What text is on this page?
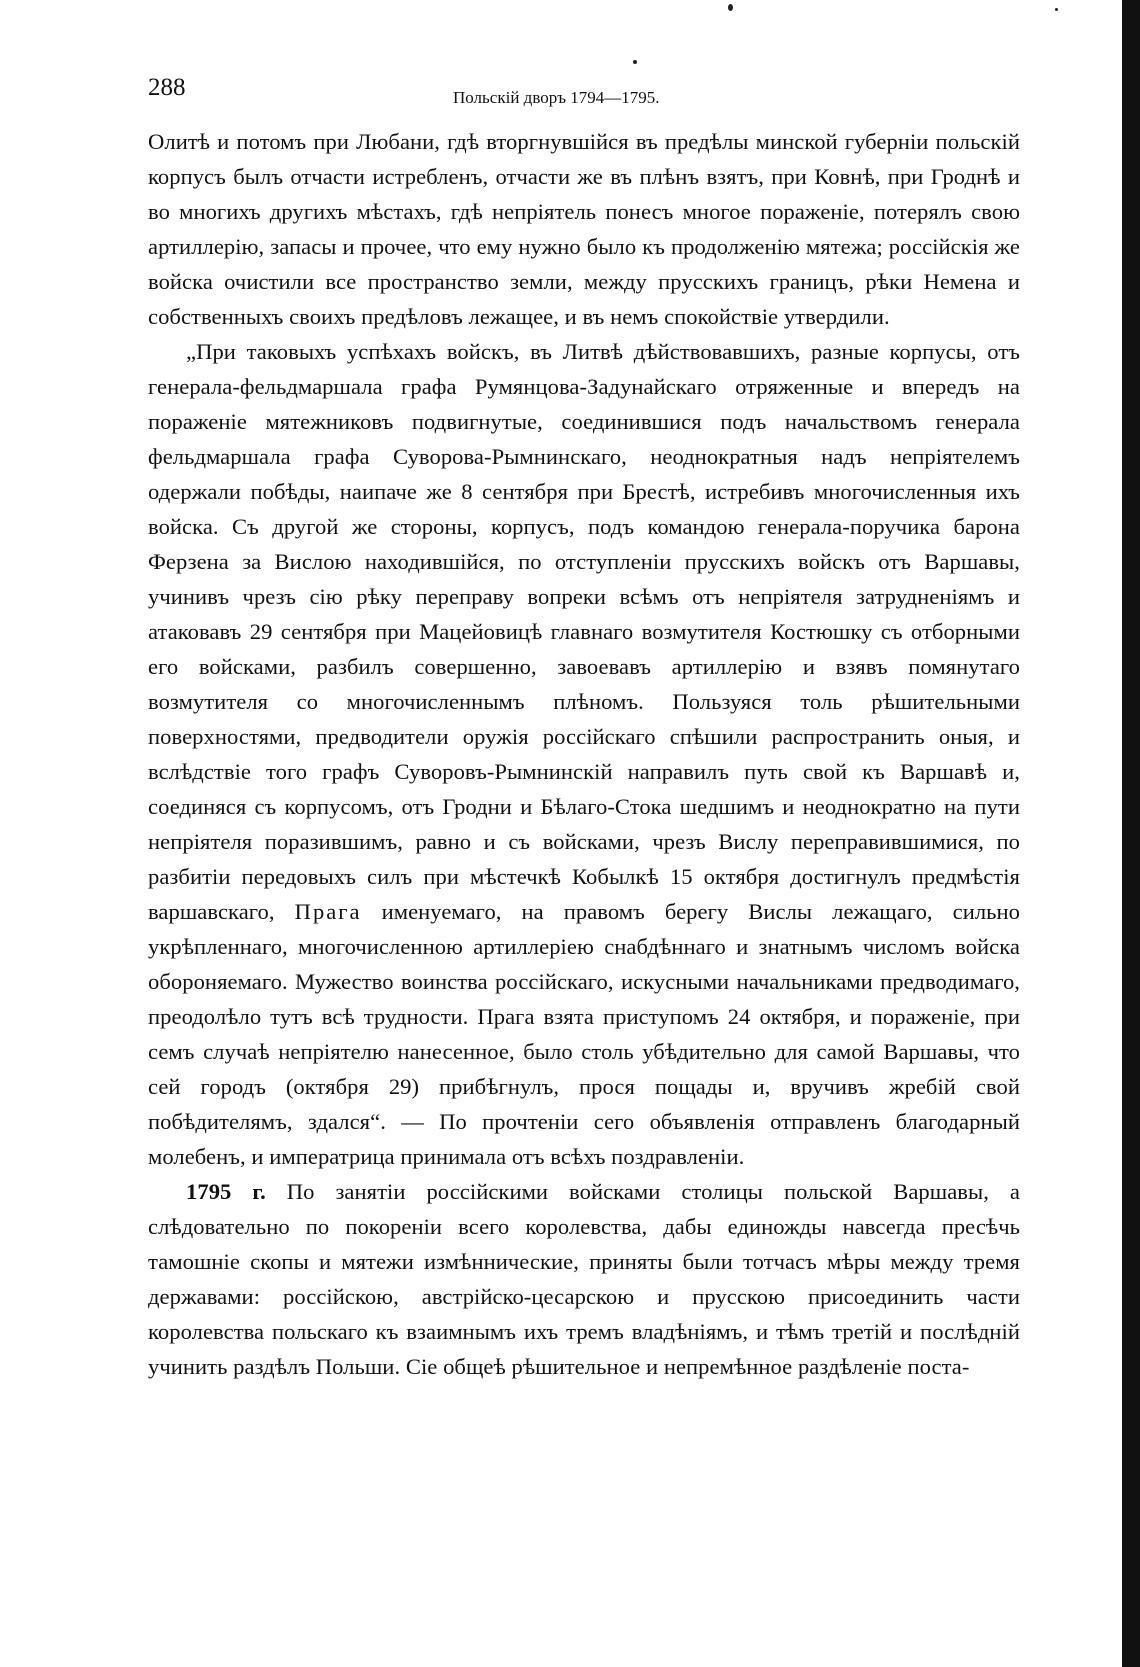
288	Польскій дворъ 1794—1795.

Олитѣ и потомъ при Любани, гдѣ вторгнувшійся въ предѣлы минской губерніи польскій корпусъ былъ отчасти истребленъ, отчасти же въ плѣнъ взятъ, при Ковнѣ, при Гроднѣ и во многихъ другихъ мѣстахъ, гдѣ непріятель понесъ многое пораженіе, потерялъ свою артиллерію, запасы и прочее, что ему нужно было къ продолженію мятежа; россійскія же войска очистили все пространство земли, между прусскихъ границъ, рѣки Немена и собственныхъ своихъ предѣловъ лежащее, и въ немъ спокойствіе утвердили.

„При таковыхъ успѣхахъ войскъ, въ Литвѣ дѣйствовавшихъ, разные корпусы, отъ генерала-фельдмаршала графа Румянцова-Задунайскаго отряженные и впередъ на пораженіе мятежниковъ подвигнутые, соединившися подъ начальствомъ генерала фельдмаршала графа Суворова-Рымнинскаго, неоднократныя надъ непріятелемъ одержали побѣды, наипаче же 8 сентября при Брестѣ, истребивъ многочисленныя ихъ войска. Съ другой же стороны, корпусъ, подъ командою генерала-поручика барона Ферзена за Вислою находившійся, по отступленіи прусскихъ войскъ отъ Варшавы, учинивъ чрезъ сію рѣку переправу вопреки всѣмъ отъ непріятеля затрудненіямъ и атаковавъ 29 сентября при Мацейовицѣ главнаго возмутителя Костюшку съ отборными его войсками, разбилъ совершенно, завоевавъ артиллерію и взявъ помянутаго возмутителя со многочисленнымъ плѣномъ. Пользуяся толь рѣшительными поверхностями, предводители оружія россійскаго спѣшили распространить оныя, и вслѣдствіе того графъ Суворовъ-Рымнинскій направилъ путь свой къ Варшавѣ и, соединяся съ корпусомъ, отъ Гродни и Бѣлаго-Стока шедшимъ и неоднократно на пути непріятеля поразившимъ, равно и съ войсками, чрезъ Вислу переправившимися, по разбитіи передовыхъ силъ при мѣстечкѣ Кобылкѣ 15 октября достигнулъ предмѣстія варшавскаго, Прага именуемаго, на правомъ берегу Вислы лежащаго, сильно укрѣпленнаго, многочисленною артиллеріею снабдѣннаго и знатнымъ числомъ войска обороняемаго. Мужество воинства россійскаго, искусными начальниками предводимаго, преодолѣло тутъ всѣ трудности. Прага взята приступомъ 24 октября, и пораженіе, при семъ случаѣ непріятелю нанесенное, было столь убѣдительно для самой Варшавы, что сей городъ (октября 29) прибѣгнулъ, прося пощады и, вручивъ жребій свой побѣдителямъ, здался“. — По прочтеніи сего объявленія отправленъ благодарный молебенъ, и императрица принимала отъ всѣхъ поздравленіи.

1795 г. По занятіи россійскими войсками столицы польской Варшавы, а слѣдовательно по покореніи всего королевства, дабы единожды навсегда пресѣчь тамошніе скопы и мятежи измѣннические, приняты были тотчасъ мѣры между тремя державами: россійскою, австрійско-цесарскою и прусскою присоединить части королевства польскаго къ взаимнымъ ихъ тремъ владѣніямъ, и тѣмъ третій и послѣдній учинить раздѣлъ Польши. Сіе общеѣ рѣшительное и непремѣнное раздѣленіе поста-
